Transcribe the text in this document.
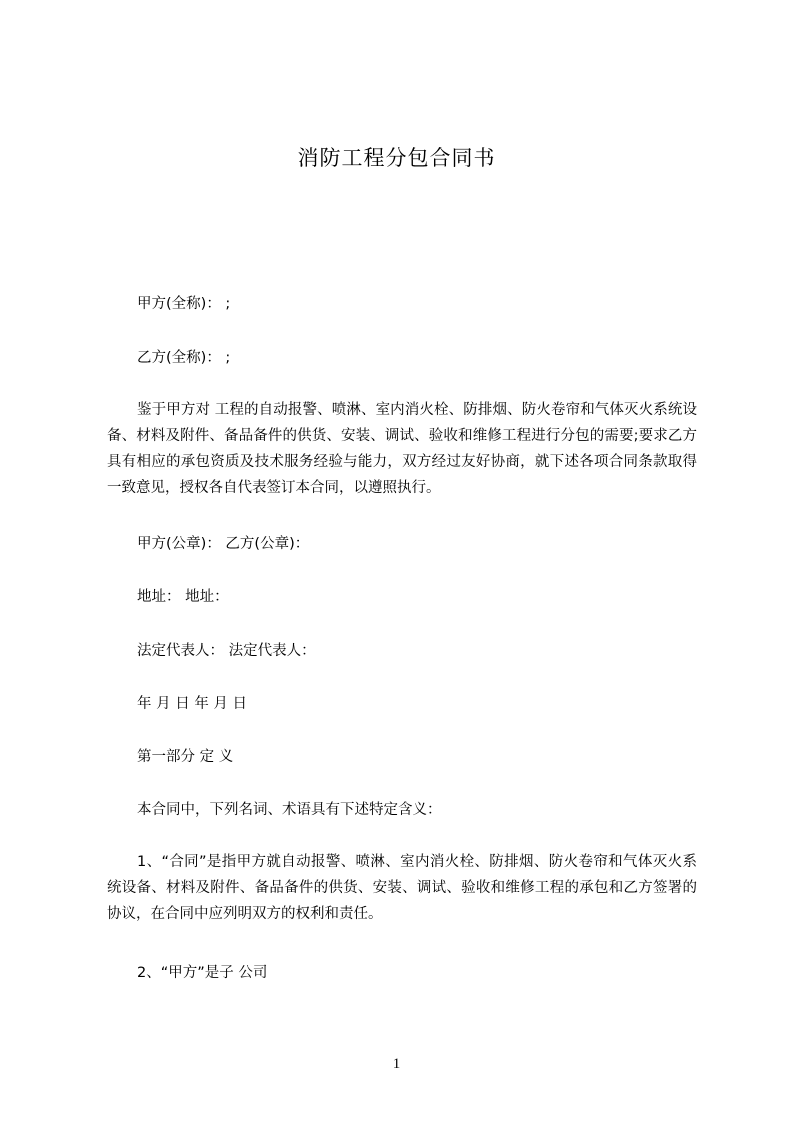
消防工程分包合同书
甲方(全称)： ;
乙方(全称)： ;
鉴于甲方对 工程的自动报警、喷淋、室内消火栓、防排烟、防火卷帘和气体灭火系统设备、材料及附件、备品备件的供货、安装、调试、验收和维修工程进行分包的需要;要求乙方具有相应的承包资质及技术服务经验与能力，双方经过友好协商，就下述各项合同条款取得一致意见，授权各自代表签订本合同，以遵照执行。
甲方(公章)： 乙方(公章)：
地址： 地址：
法定代表人： 法定代表人：
年 月 日 年 月 日
第一部分 定 义
本合同中，下列名词、术语具有下述特定含义：
1、“合同”是指甲方就自动报警、喷淋、室内消火栓、防排烟、防火卷帘和气体灭火系统设备、材料及附件、备品备件的供货、安装、调试、验收和维修工程的承包和乙方签署的协议，在合同中应列明双方的权利和责任。
2、“甲方”是子 公司
1
